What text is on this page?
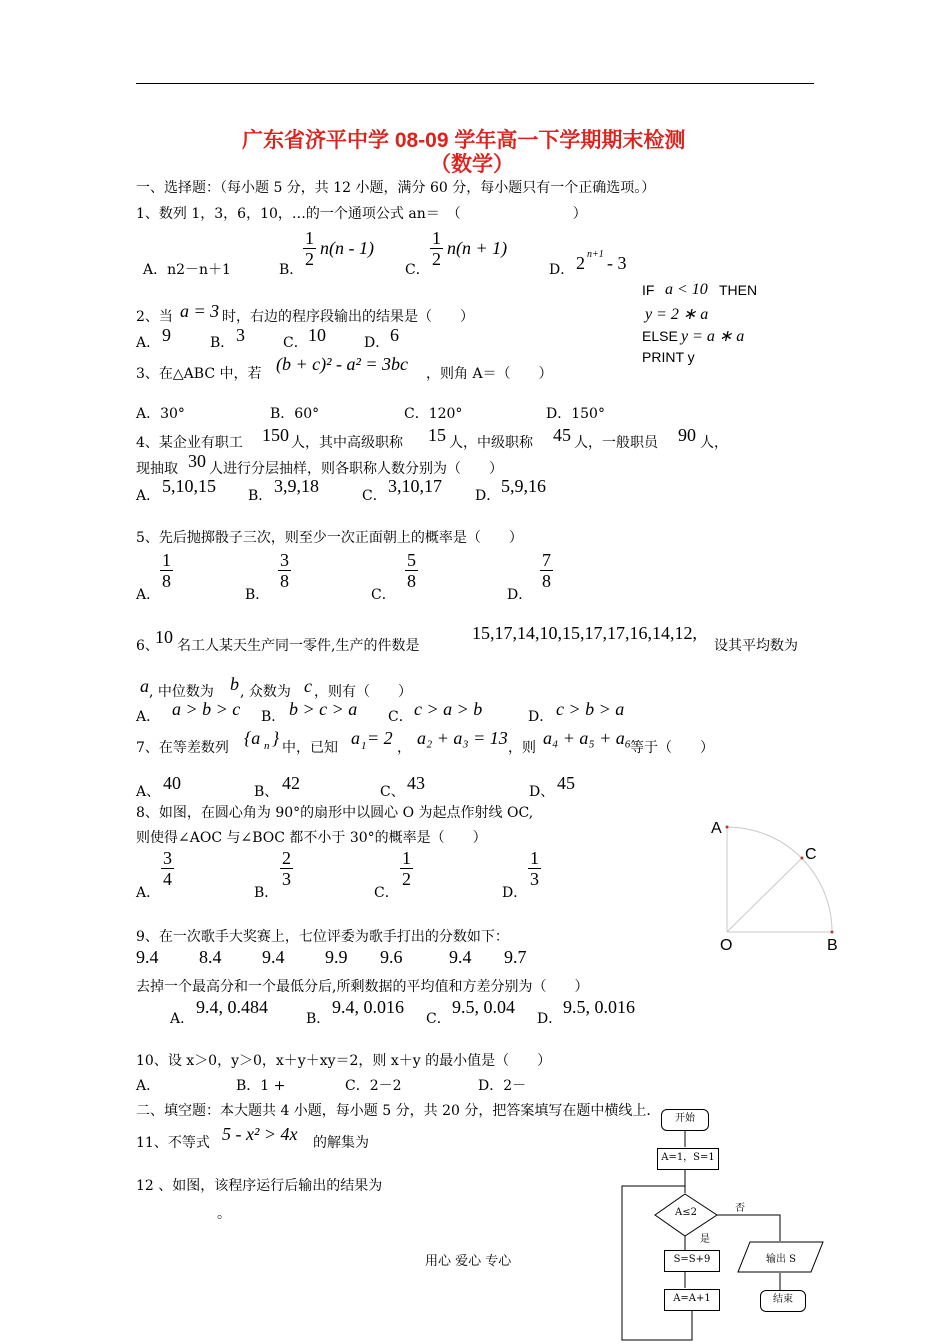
广东省济平中学 08-09 学年高一下学期期末检测
（数学）
一、选择题：（每小题 5 分，共 12 小题，满分 60 分，每小题只有一个正确选项。）
1、数列 1，3，6，10，…的一个通项公式 an＝　（　　　　　　　　）
A．n2－n＋1	B．
$\frac{1}{2} n(n - 1)$
C．
$\frac{1}{2} n(n + 1)$
D． 2 n+1 - 3
IF a < 10 THEN
y = 2 ∗ a
ELSE y = a ∗ a
PRINT y
2、当 a = 3 时，右边的程序段输出的结果是（　　）
A． 9	B． 3	C． 10	D． 6
3、在△ABC 中，若 (b + c)² - a² = 3bc ，则角 A＝（　　）
A．30°	B．60°	C．120°	D．150°
4、某企业有职工 150 人，其中高级职称 15 人，中级职称 45 人，一般职员 90 人，
现抽取 30 人进行分层抽样，则各职称人数分别为（　　）
A． 5,10,15 B． 3,9,18	C． 3,10,17 D． 5,9,16
5、先后抛掷骰子三次，则至少一次正面朝上的概率是（　　）
A．
$\frac{1}{8}$
B．
$\frac{3}{8}$
C．
$\frac{5}{8}$
D．
$\frac{7}{8}$
6、
10 名工人某天生产同一零件,生产的件数是
15,17,14,10,15,17,17,16,14,12,
设其平均数为
a , 中位数为 b , 众数为 c ，则有（　　）
A． a > b > c B． b > c > a C． c > a > b	D． c > b > a
7、在等差数列 {a n } 中，已知 a 1 = 2 ， a₂ + a₃ = 13 ，则 a₄ + a₅ + a₆
等于（　　）
A、 40	B、 42	C、 43	D、 45
8、如图，在圆心角为 90°的扇形中以圆心 O 为起点作射线 OC,
则使得∠AOC 与∠BOC 都不小于 30°的概率是（　　）
A．
$\frac{3}{4}$
B．
$\frac{2}{3}$
C．
$\frac{1}{2}$
D．
$\frac{1}{3}$
A
C
O	B
9、在一次歌手大奖赛上，七位评委为歌手打出的分数如下：
9.4 8.4 9.4 9.9 9.6	9.4 9.7
去掉一个最高分和一个最低分后,所剩数据的平均值和方差分别为（　　）
A．
9.4, 0.484
B．
9.4, 0.016
C．
9.5, 0.04
D．
9.5, 0.016
10、设 x＞0，y＞0，x＋y＋xy＝2，则 x＋y 的最小值是（　　）
A．	B．1 +	C．2－2	D．2－
二、填空题：本大题共 4 小题，每小题 5 分，共 20 分，把答案填写在题中横线上．
11、不等式 5 - x² > 4x 的解集为
12 、如图，该程序运行后输出的结果为
。
开始
A=1，S=1
A≤2	否
是
S=S+9
A=A+1
输出 S
结束
用心 爱心 专心
